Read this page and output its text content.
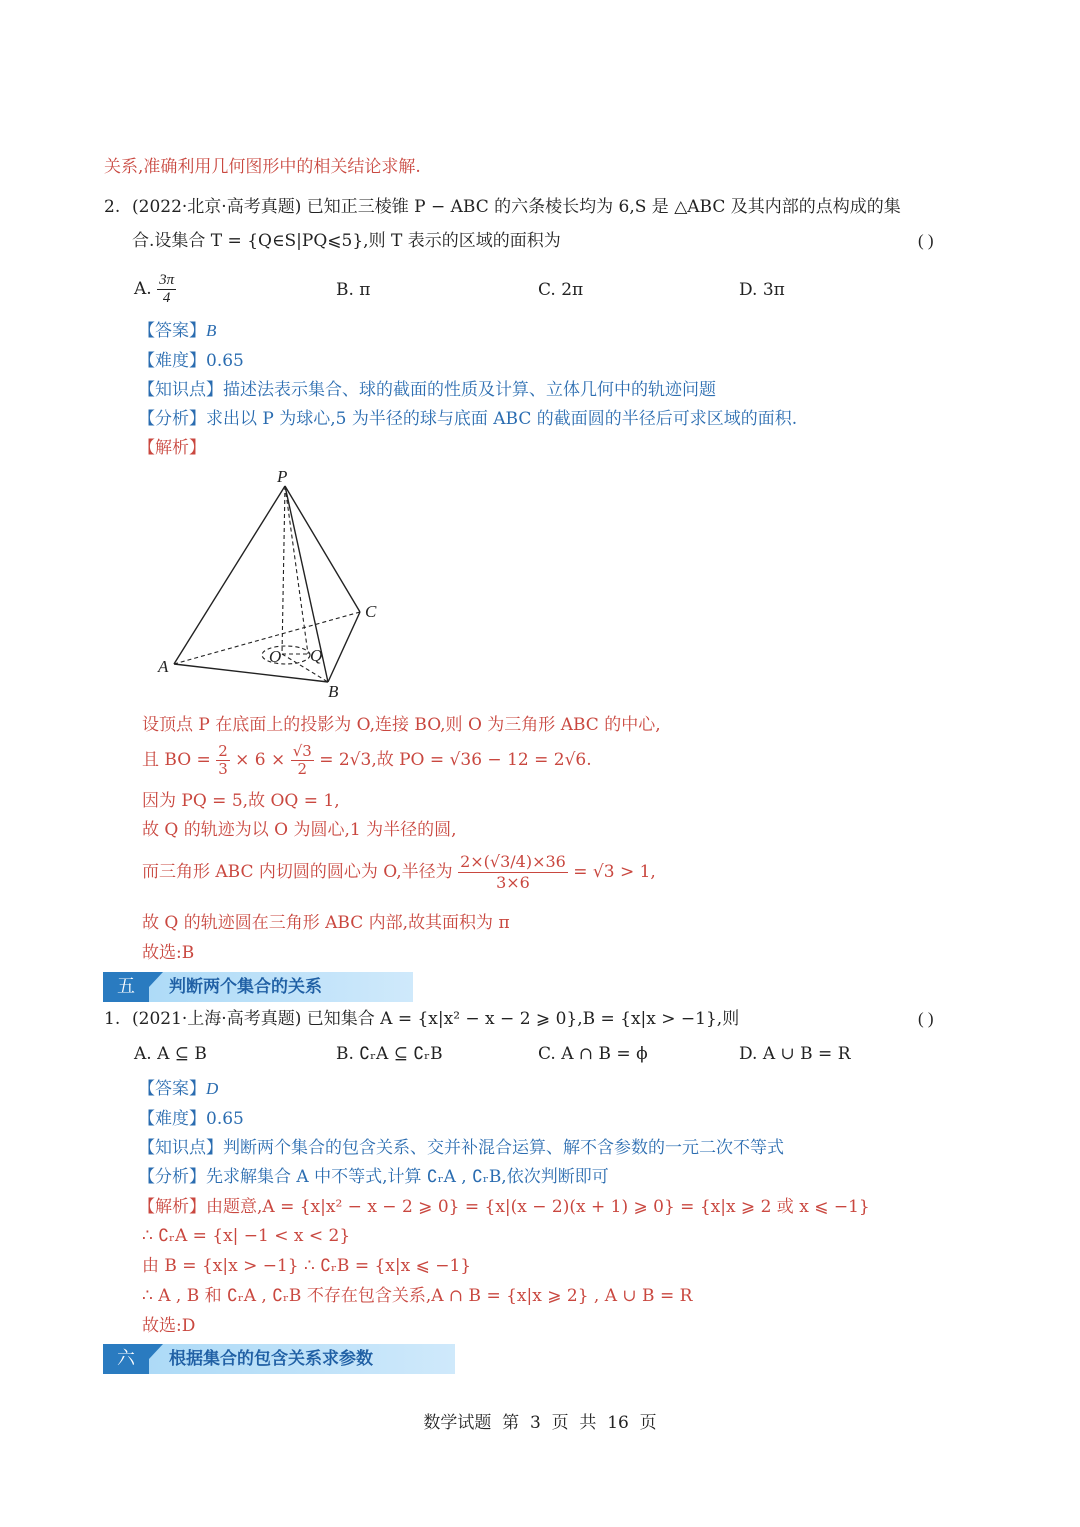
关系,准确利用几何图形中的相关结论求解.
2. (2022·北京·高考真题) 已知正三棱锥 P − ABC 的六条棱长均为 6,S 是 △ABC 及其内部的点构成的集
合.设集合 T = {Q∈S|PQ⩽5},则 T 表示的区域的面积为	( )
A. $\frac{3\pi}{4}$	B. π	C. 2π	D. 3π
【答案】B
【难度】0.65
【知识点】描述法表示集合、球的截面的性质及计算、立体几何中的轨迹问题
【分析】求出以 P 为球心,5 为半径的球与底面 ABC 的截面圆的半径后可求区域的面积.
【解析】
P
A
B
C
O Q
设顶点 P 在底面上的投影为 O,连接 BO,则 O 为三角形 ABC 的中心,
且 BO = $\frac{2}{3} \times 6 \times \frac{√3}{2} = 2√3$,故 PO = √36 − 12 = 2√6.
因为 PQ = 5,故 OQ = 1,
故 Q 的轨迹为以 O 为圆心,1 为半径的圆,
而三角形 ABC 内切圆的圆心为 O,半径为 $\frac{2\times(√3/4)\times 36}{3\times 6} = √3 > 1$,
故 Q 的轨迹圆在三角形 ABC 内部,故其面积为 π
故选:B
五	判断两个集合的关系
1. (2021·上海·高考真题) 已知集合 A = {x|x² − x − 2 ⩾ 0},B = {x|x > −1},则	( )
A. A ⊆ B	B. ∁ᵣA ⊆ ∁ᵣB	C. A ∩ B = ϕ	D. A ∪ B = R
【答案】D
【难度】0.65
【知识点】判断两个集合的包含关系、交并补混合运算、解不含参数的一元二次不等式
【分析】先求解集合 A 中不等式,计算 ∁ᵣA , ∁ᵣB,依次判断即可
【解析】由题意,A = {x|x² − x − 2 ⩾ 0} = {x|(x − 2)(x + 1) ⩾ 0} = {x|x ⩾ 2 或 x ⩽ −1}
∴ ∁ᵣA = {x| −1 < x < 2}
由 B = {x|x > −1} ∴ ∁ᵣB = {x|x ⩽ −1}
∴ A , B 和 ∁ᵣA , ∁ᵣB 不存在包含关系,A ∩ B = {x|x ⩾ 2} , A ∪ B = R
故选:D
六	根据集合的包含关系求参数
数学试题  第  3  页  共  16  页
